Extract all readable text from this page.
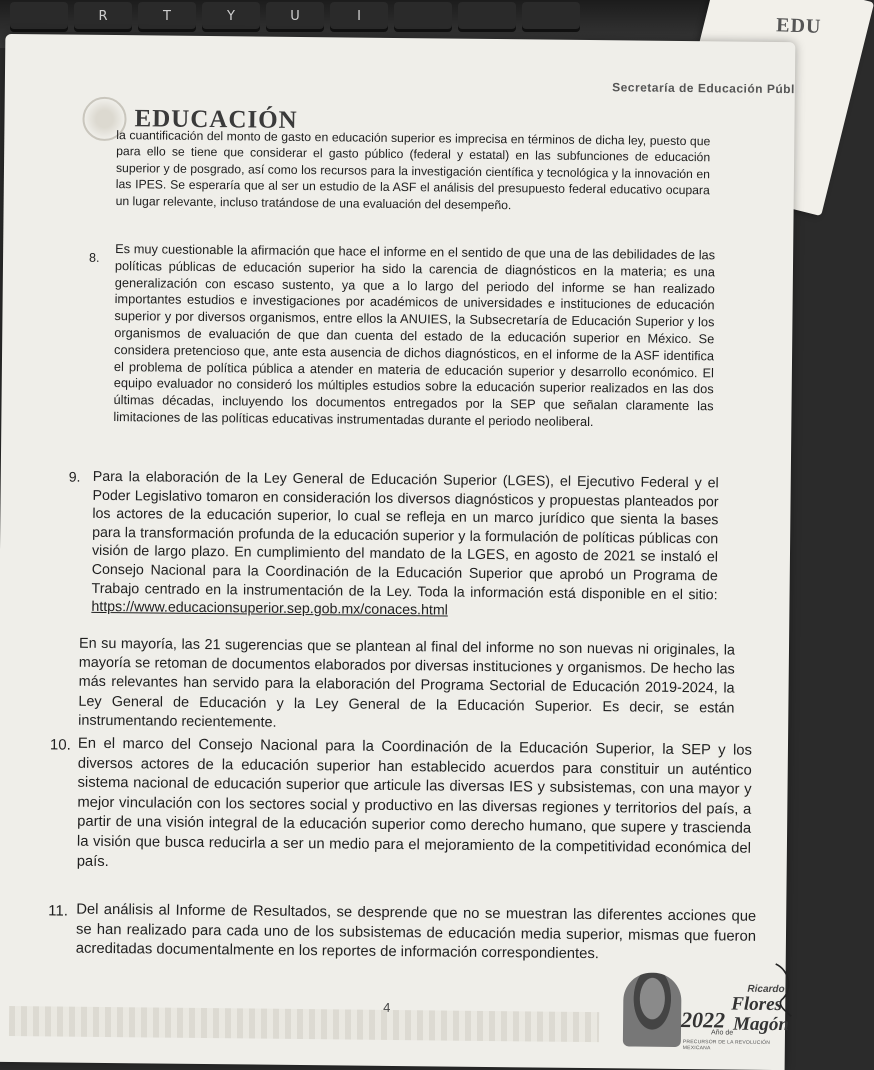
R	T	Y	U	I	EDU
Secretaría de Educación Públ
EDUCACIÓN
la cuantificación del monto de gasto en educación superior es imprecisa en términos de dicha ley, puesto que para ello se tiene que considerar el gasto público (federal y estatal) en las subfunciones de educación superior y de posgrado, así como los recursos para la investigación científica y tecnológica y la innovación en las IPES. Se esperaría que al ser un estudio de la ASF el análisis del presupuesto federal educativo ocupara un lugar relevante, incluso tratándose de una evaluación del desempeño.
8. Es muy cuestionable la afirmación que hace el informe en el sentido de que una de las debilidades de las políticas públicas de educación superior ha sido la carencia de diagnósticos en la materia; es una generalización con escaso sustento, ya que a lo largo del periodo del informe se han realizado importantes estudios e investigaciones por académicos de universidades e instituciones de educación superior y por diversos organismos, entre ellos la ANUIES, la Subsecretaría de Educación Superior y los organismos de evaluación de que dan cuenta del estado de la educación superior en México. Se considera pretencioso que, ante esta ausencia de dichos diagnósticos, en el informe de la ASF identifica el problema de política pública a atender en materia de educación superior y desarrollo económico. El equipo evaluador no consideró los múltiples estudios sobre la educación superior realizados en las dos últimas décadas, incluyendo los documentos entregados por la SEP que señalan claramente las limitaciones de las políticas educativas instrumentadas durante el periodo neoliberal.
9. Para la elaboración de la Ley General de Educación Superior (LGES), el Ejecutivo Federal y el Poder Legislativo tomaron en consideración los diversos diagnósticos y propuestas planteados por los actores de la educación superior, lo cual se refleja en un marco jurídico que sienta la bases para la transformación profunda de la educación superior y la formulación de políticas públicas con visión de largo plazo. En cumplimiento del mandato de la LGES, en agosto de 2021 se instaló el Consejo Nacional para la Coordinación de la Educación Superior que aprobó un Programa de Trabajo centrado en la instrumentación de la Ley. Toda la información está disponible en el sitio: https://www.educacionsuperior.sep.gob.mx/conaces.html
En su mayoría, las 21 sugerencias que se plantean al final del informe no son nuevas ni originales, la mayoría se retoman de documentos elaborados por diversas instituciones y organismos. De hecho las más relevantes han servido para la elaboración del Programa Sectorial de Educación 2019-2024, la Ley General de Educación y la Ley General de la Educación Superior. Es decir, se están instrumentando recientemente.
10. En el marco del Consejo Nacional para la Coordinación de la Educación Superior, la SEP y los diversos actores de la educación superior han establecido acuerdos para constituir un auténtico sistema nacional de educación superior que articule las diversas IES y subsistemas, con una mayor y mejor vinculación con los sectores social y productivo en las diversas regiones y territorios del país, a partir de una visión integral de la educación superior como derecho humano, que supere y trascienda la visión que busca reducirla a ser un medio para el mejoramiento de la competitividad económica del país.
11. Del análisis al Informe de Resultados, se desprende que no se muestran las diferentes acciones que se han realizado para cada uno de los subsistemas de educación media superior, mismas que fueron acreditadas documentalmente en los reportes de información correspondientes.
4
Ricardo
Flores
Magón
2022
Año de
PRECURSOR DE LA REVOLUCIÓN MEXICANA
